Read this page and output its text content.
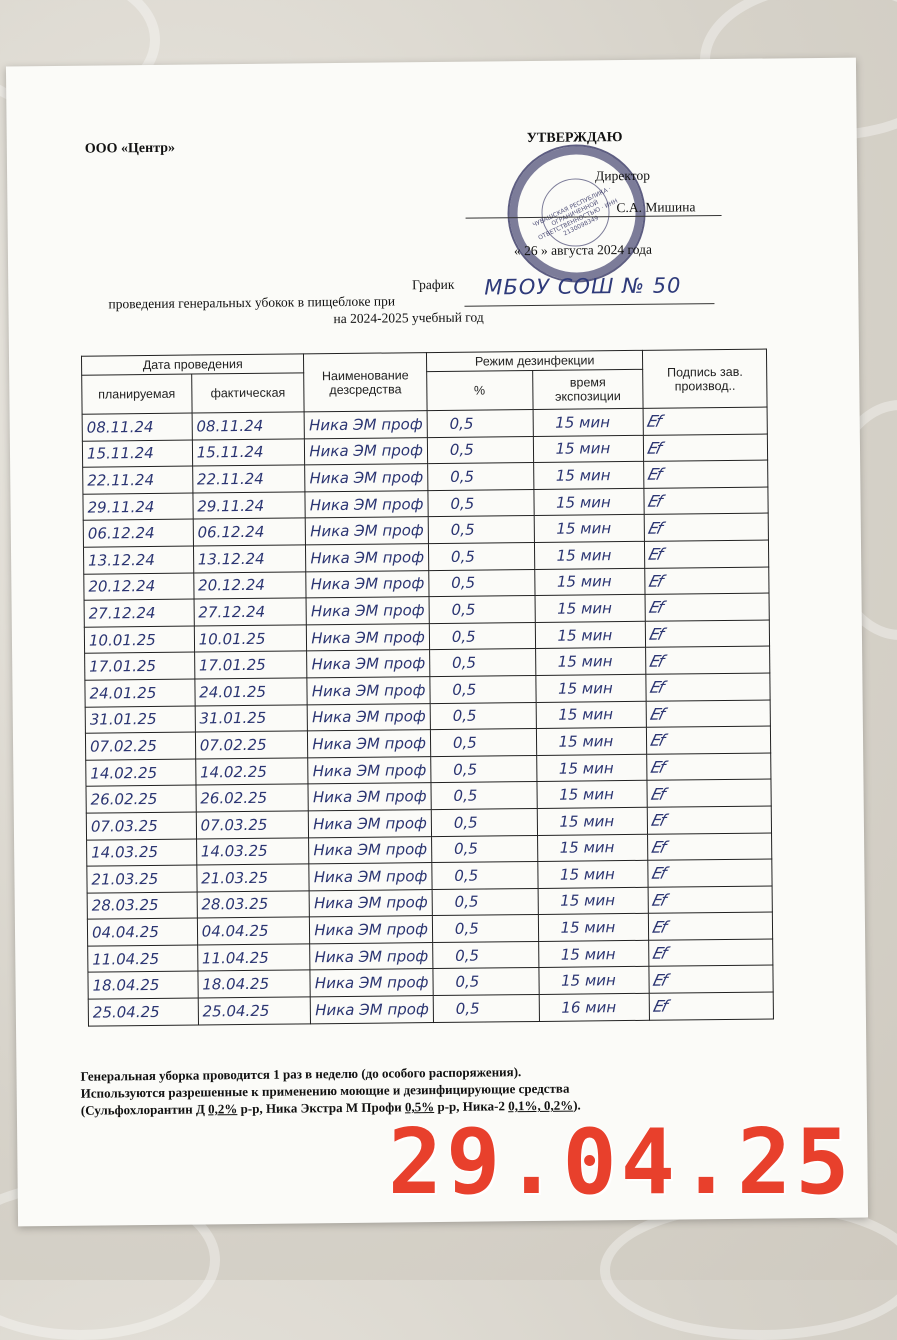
ООО «Центр»
ЧУВАШСКАЯ РЕСПУБЛИКА · ОГРАНИЧЕННОЙ ОТВЕТСТВЕННОСТЬЮ · ИНН 2130098349
УТВЕРЖДАЮ
Директор
С.А. Мишина
« 26 » августа 2024 года
График
проведения генеральных убокок в пищеблоке при
МБОУ СОШ № 50
на 2024-2025 учебный год
Дата проведения		Наименование дезсредства	Режим дезинфекции		Подпись зав. производ..
планируемая	фактическая		%	время экспозиции	
08.11.24	08.11.24	Ника ЭМ проф	0,5	15 мин	Ef
15.11.24	15.11.24	Ника ЭМ проф	0,5	15 мин	Ef
22.11.24	22.11.24	Ника ЭМ проф	0,5	15 мин	Ef
29.11.24	29.11.24	Ника ЭМ проф	0,5	15 мин	Ef
06.12.24	06.12.24	Ника ЭМ проф	0,5	15 мин	Ef
13.12.24	13.12.24	Ника ЭМ проф	0,5	15 мин	Ef
20.12.24	20.12.24	Ника ЭМ проф	0,5	15 мин	Ef
27.12.24	27.12.24	Ника ЭМ проф	0,5	15 мин	Ef
10.01.25	10.01.25	Ника ЭМ проф	0,5	15 мин	Ef
17.01.25	17.01.25	Ника ЭМ проф	0,5	15 мин	Ef
24.01.25	24.01.25	Ника ЭМ проф	0,5	15 мин	Ef
31.01.25	31.01.25	Ника ЭМ проф	0,5	15 мин	Ef
07.02.25	07.02.25	Ника ЭМ проф	0,5	15 мин	Ef
14.02.25	14.02.25	Ника ЭМ проф	0,5	15 мин	Ef
26.02.25	26.02.25	Ника ЭМ проф	0,5	15 мин	Ef
07.03.25	07.03.25	Ника ЭМ проф	0,5	15 мин	Ef
14.03.25	14.03.25	Ника ЭМ проф	0,5	15 мин	Ef
21.03.25	21.03.25	Ника ЭМ проф	0,5	15 мин	Ef
28.03.25	28.03.25	Ника ЭМ проф	0,5	15 мин	Ef
04.04.25	04.04.25	Ника ЭМ проф	0,5	15 мин	Ef
11.04.25	11.04.25	Ника ЭМ проф	0,5	15 мин	Ef
18.04.25	18.04.25	Ника ЭМ проф	0,5	15 мин	Ef
25.04.25	25.04.25	Ника ЭМ проф	0,5	16 мин	Ef
Генеральная уборка проводится 1 раз в неделю (до особого распоряжения).
Используются разрешенные к применению моющие и дезинфицирующие средства
(Сульфохлорантин Д 0,2% р-р, Ника Экстра М Профи 0,5% р-р, Ника-2 0,1%, 0,2%).
29.04.25
